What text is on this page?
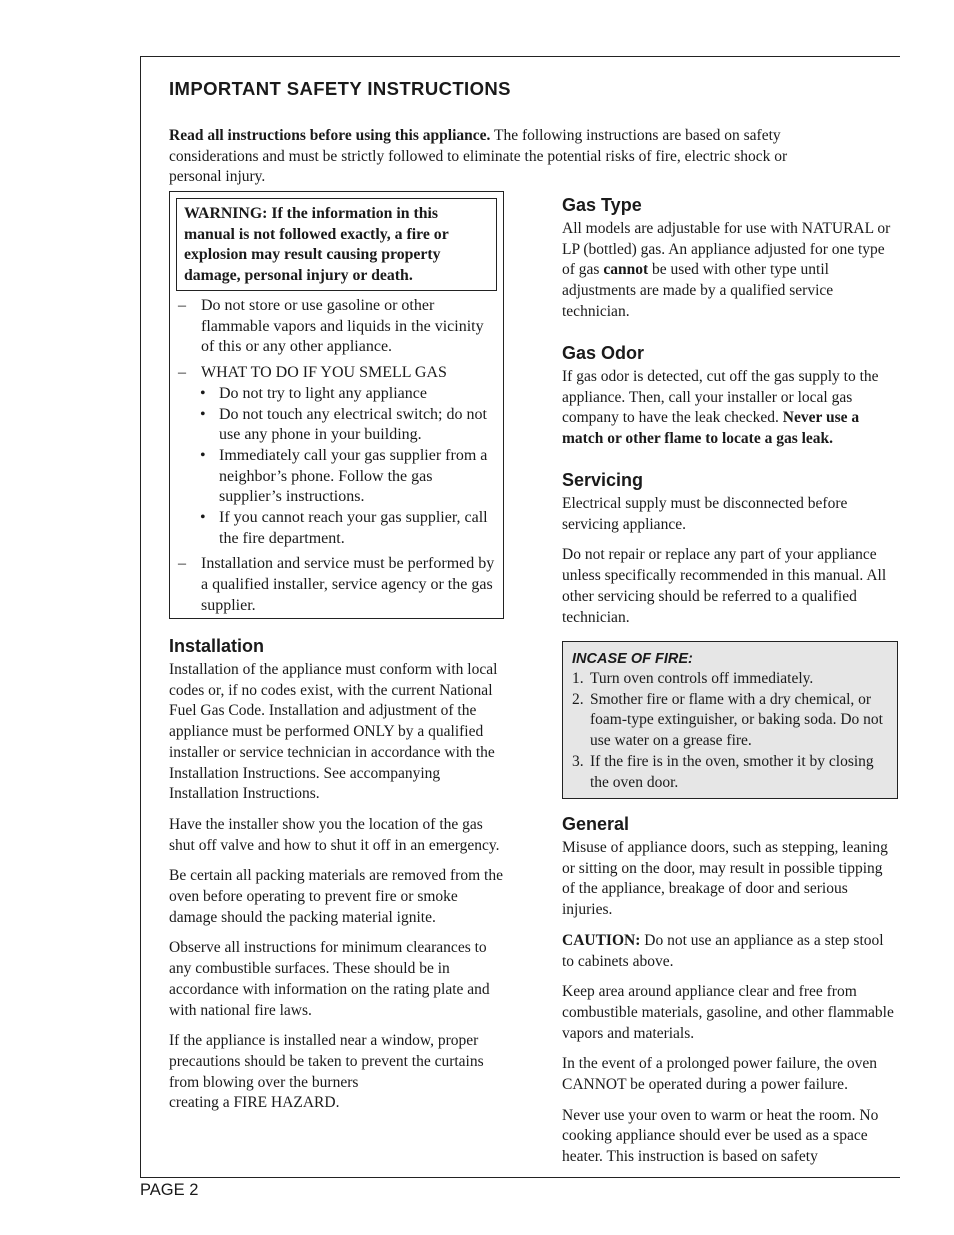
IMPORTANT SAFETY INSTRUCTIONS

Read all instructions before using this appliance. The following instructions are based on safety considerations and must be strictly followed to eliminate the potential risks of fire, electric shock or personal injury.

WARNING: If the information in this manual is not followed exactly, a fire or explosion may result causing property damage, personal injury or death.
– Do not store or use gasoline or other flammable vapors and liquids in the vicinity of this or any other appliance.
– WHAT TO DO IF YOU SMELL GAS
• Do not try to light any appliance
• Do not touch any electrical switch; do not use any phone in your building.
• Immediately call your gas supplier from a neighbor’s phone. Follow the gas supplier’s instructions.
• If you cannot reach your gas supplier, call the fire department.
– Installation and service must be performed by a qualified installer, service agency or the gas supplier.
Installation

Installation of the appliance must conform with local codes or, if no codes exist, with the current National Fuel Gas Code. Installation and adjustment of the appliance must be performed ONLY by a qualified installer or service technician in accordance with the Installation Instructions. See accompanying Installation Instructions.

Have the installer show you the location of the gas shut off valve and how to shut it off in an emergency.

Be certain all packing materials are removed from the oven before operating to prevent fire or smoke damage should the packing material ignite.

Observe all instructions for minimum clearances to any combustible surfaces. These should be in accordance with information on the rating plate and with national fire laws.

If the appliance is installed near a window, proper precautions should be taken to prevent the curtains from blowing over the burners

creating a FIRE HAZARD.

Gas Type

All models are adjustable for use with NATURAL or LP (bottled) gas. An appliance adjusted for one type of gas cannot be used with other type until adjustments are made by a qualified service technician.

Gas Odor

If gas odor is detected, cut off the gas supply to the appliance. Then, call your installer or local gas company to have the leak checked. Never use a match or other flame to locate a gas leak.

Servicing

Electrical supply must be disconnected before servicing appliance.

Do not repair or replace any part of your appliance unless specifically recommended in this manual. All other servicing should be referred to a qualified technician.

INCASE OF FIRE:
1. Turn oven controls off immediately.
2. Smother fire or flame with a dry chemical, or foam-type extinguisher, or baking soda. Do not use water on a grease fire.
3. If the fire is in the oven, smother it by closing the oven door.
General

Misuse of appliance doors, such as stepping, leaning or sitting on the door, may result in possible tipping of the appliance, breakage of door and serious injuries.

CAUTION: Do not use an appliance as a step stool to cabinets above.

Keep area around appliance clear and free from combustible materials, gasoline, and other flammable vapors and materials.

In the event of a prolonged power failure, the oven CANNOT be operated during a power failure.

Never use your oven to warm or heat the room. No cooking appliance should ever be used as a space heater. This instruction is based on safety

PAGE 2
